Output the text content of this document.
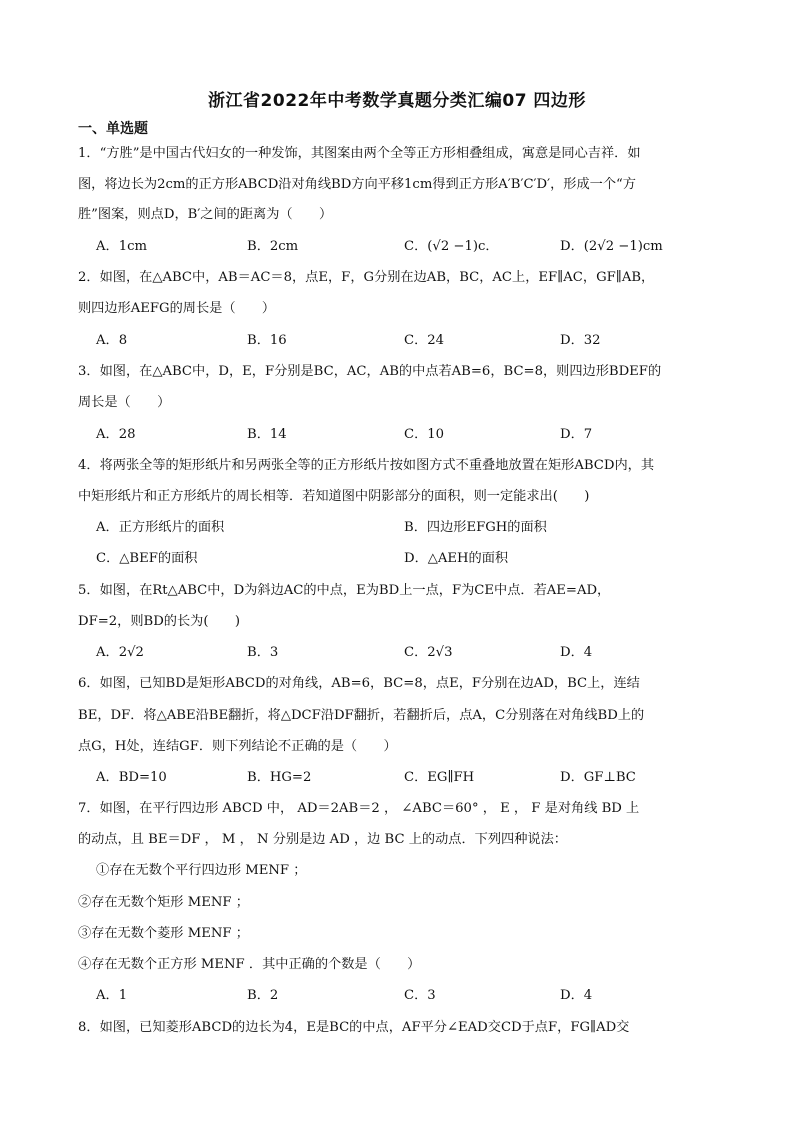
浙江省2022年中考数学真题分类汇编07 四边形
一、单选题
1．“方胜”是中国古代妇女的一种发饰，其图案由两个全等正方形相叠组成，寓意是同心吉祥．如
图，将边长为2cm的正方形ABCD沿对角线BD方向平移1cm得到正方形A′B′C′D′，形成一个“方
胜”图案，则点D，B′之间的距离为（　　）
A．1cm	B．2cm	C．(√2 −1)c．	D．(2√2 −1)cm
2．如图，在△ABC中，AB＝AC＝8，点E，F，G分别在边AB，BC，AC上，EF∥AC，GF∥AB，
则四边形AEFG的周长是（　　）
A．8	B．16	C．24	D．32
3．如图，在△ABC中，D，E，F分别是BC，AC，AB的中点若AB=6，BC=8，则四边形BDEF的
周长是（　　）
A．28	B．14	C．10	D．7
4．将两张全等的矩形纸片和另两张全等的正方形纸片按如图方式不重叠地放置在矩形ABCD内，其
中矩形纸片和正方形纸片的周长相等．若知道图中阴影部分的面积，则一定能求出(　　)
A．正方形纸片的面积	B．四边形EFGH的面积
C．△BEF的面积	D．△AEH的面积
5．如图，在Rt△ABC中，D为斜边AC的中点，E为BD上一点，F为CE中点．若AE=AD，
DF=2，则BD的长为(　　)
A．2√2	B．3	C．2√3	D．4
6．如图，已知BD是矩形ABCD的对角线，AB=6，BC=8，点E，F分别在边AD，BC上，连结
BE，DF．将△ABE沿BE翻折，将△DCF沿DF翻折，若翻折后，点A，C分别落在对角线BD上的
点G，H处，连结GF．则下列结论不正确的是（　　）
A．BD=10	B．HG=2	C．EG∥FH	D．GF⊥BC
7．如图，在平行四边形 ABCD 中， AD＝2AB＝2 ， ∠ABC＝60° ， E ， F 是对角线 BD 上
的动点，且 BE＝DF ， M ， N 分别是边 AD ，边 BC 上的动点．下列四种说法：
①存在无数个平行四边形 MENF ；
②存在无数个矩形 MENF ；
③存在无数个菱形 MENF ；
④存在无数个正方形 MENF ．其中正确的个数是（　　）
A．1	B．2	C．3	D．4
8．如图，已知菱形ABCD的边长为4，E是BC的中点，AF平分∠EAD交CD于点F，FG∥AD交
